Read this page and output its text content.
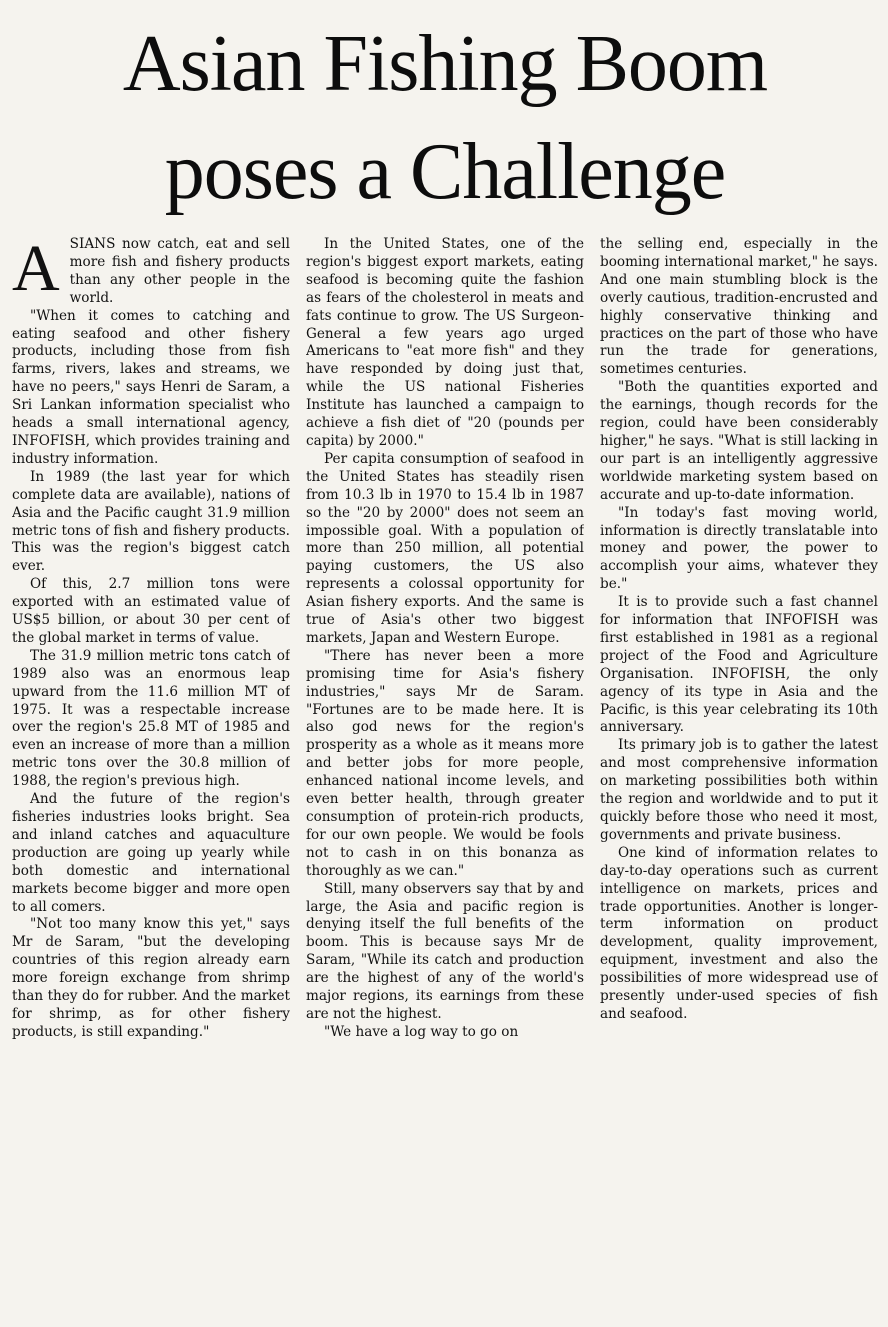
Asian Fishing Boom
poses a Challenge

ASIANS now catch, eat and sell more fish and fishery products than any other people in the world.

"When it comes to catching and eating seafood and other fishery products, including those from fish farms, rivers, lakes and streams, we have no peers," says Henri de Saram, a Sri Lankan information specialist who heads a small international agency, INFOFISH, which provides training and industry information.

In 1989 (the last year for which complete data are available), nations of Asia and the Pacific caught 31.9 million metric tons of fish and fishery products. This was the region's biggest catch ever.

Of this, 2.7 million tons were exported with an estimated value of US$5 billion, or about 30 per cent of the global market in terms of value.

The 31.9 million metric tons catch of 1989 also was an enormous leap upward from the 11.6 million MT of 1975. It was a respectable increase over the region's 25.8 MT of 1985 and even an increase of more than a million metric tons over the 30.8 million of 1988, the region's previous high.

And the future of the region's fisheries industries looks bright. Sea and inland catches and aquaculture production are going up yearly while both domestic and international markets become bigger and more open to all comers.

"Not too many know this yet," says Mr de Saram, "but the developing countries of this region already earn more foreign exchange from shrimp than they do for rubber. And the market for shrimp, as for other fishery products, is still expanding."

In the United States, one of the region's biggest export markets, eating seafood is becoming quite the fashion as fears of the cholesterol in meats and fats continue to grow. The US Surgeon-General a few years ago urged Americans to "eat more fish" and they have responded by doing just that, while the US national Fisheries Institute has launched a campaign to achieve a fish diet of "20 (pounds per capita) by 2000."

Per capita consumption of seafood in the United States has steadily risen from 10.3 lb in 1970 to 15.4 lb in 1987 so the "20 by 2000" does not seem an impossible goal. With a population of more than 250 million, all potential paying customers, the US also represents a colossal opportunity for Asian fishery exports. And the same is true of Asia's other two biggest markets, Japan and Western Europe.

"There has never been a more promising time for Asia's fishery industries," says Mr de Saram. "Fortunes are to be made here. It is also god news for the region's prosperity as a whole as it means more and better jobs for more people, enhanced national income levels, and even better health, through greater consumption of protein-rich products, for our own people. We would be fools not to cash in on this bonanza as thoroughly as we can."

Still, many observers say that by and large, the Asia and pacific region is denying itself the full benefits of the boom. This is because says Mr de Saram, "While its catch and production are the highest of any of the world's major regions, its earnings from these are not the highest.

"We have a log way to go on

the selling end, especially in the booming international market," he says. And one main stumbling block is the overly cautious, tradition-encrusted and highly conservative thinking and practices on the part of those who have run the trade for generations, sometimes centuries.

"Both the quantities exported and the earnings, though records for the region, could have been considerably higher," he says. "What is still lacking in our part is an intelligently aggressive worldwide marketing system based on accurate and up-to-date information.

"In today's fast moving world, information is directly translatable into money and power, the power to accomplish your aims, whatever they be."

It is to provide such a fast channel for information that INFOFISH was first established in 1981 as a regional project of the Food and Agriculture Organisation. INFOFISH, the only agency of its type in Asia and the Pacific, is this year celebrating its 10th anniversary.

Its primary job is to gather the latest and most comprehensive information on marketing possibilities both within the region and worldwide and to put it quickly before those who need it most, governments and private business.

One kind of information relates to day-to-day operations such as current intelligence on markets, prices and trade opportunities. Another is longer-term information on product development, quality improvement, equipment, investment and also the possibilities of more widespread use of presently under-used species of fish and seafood.
